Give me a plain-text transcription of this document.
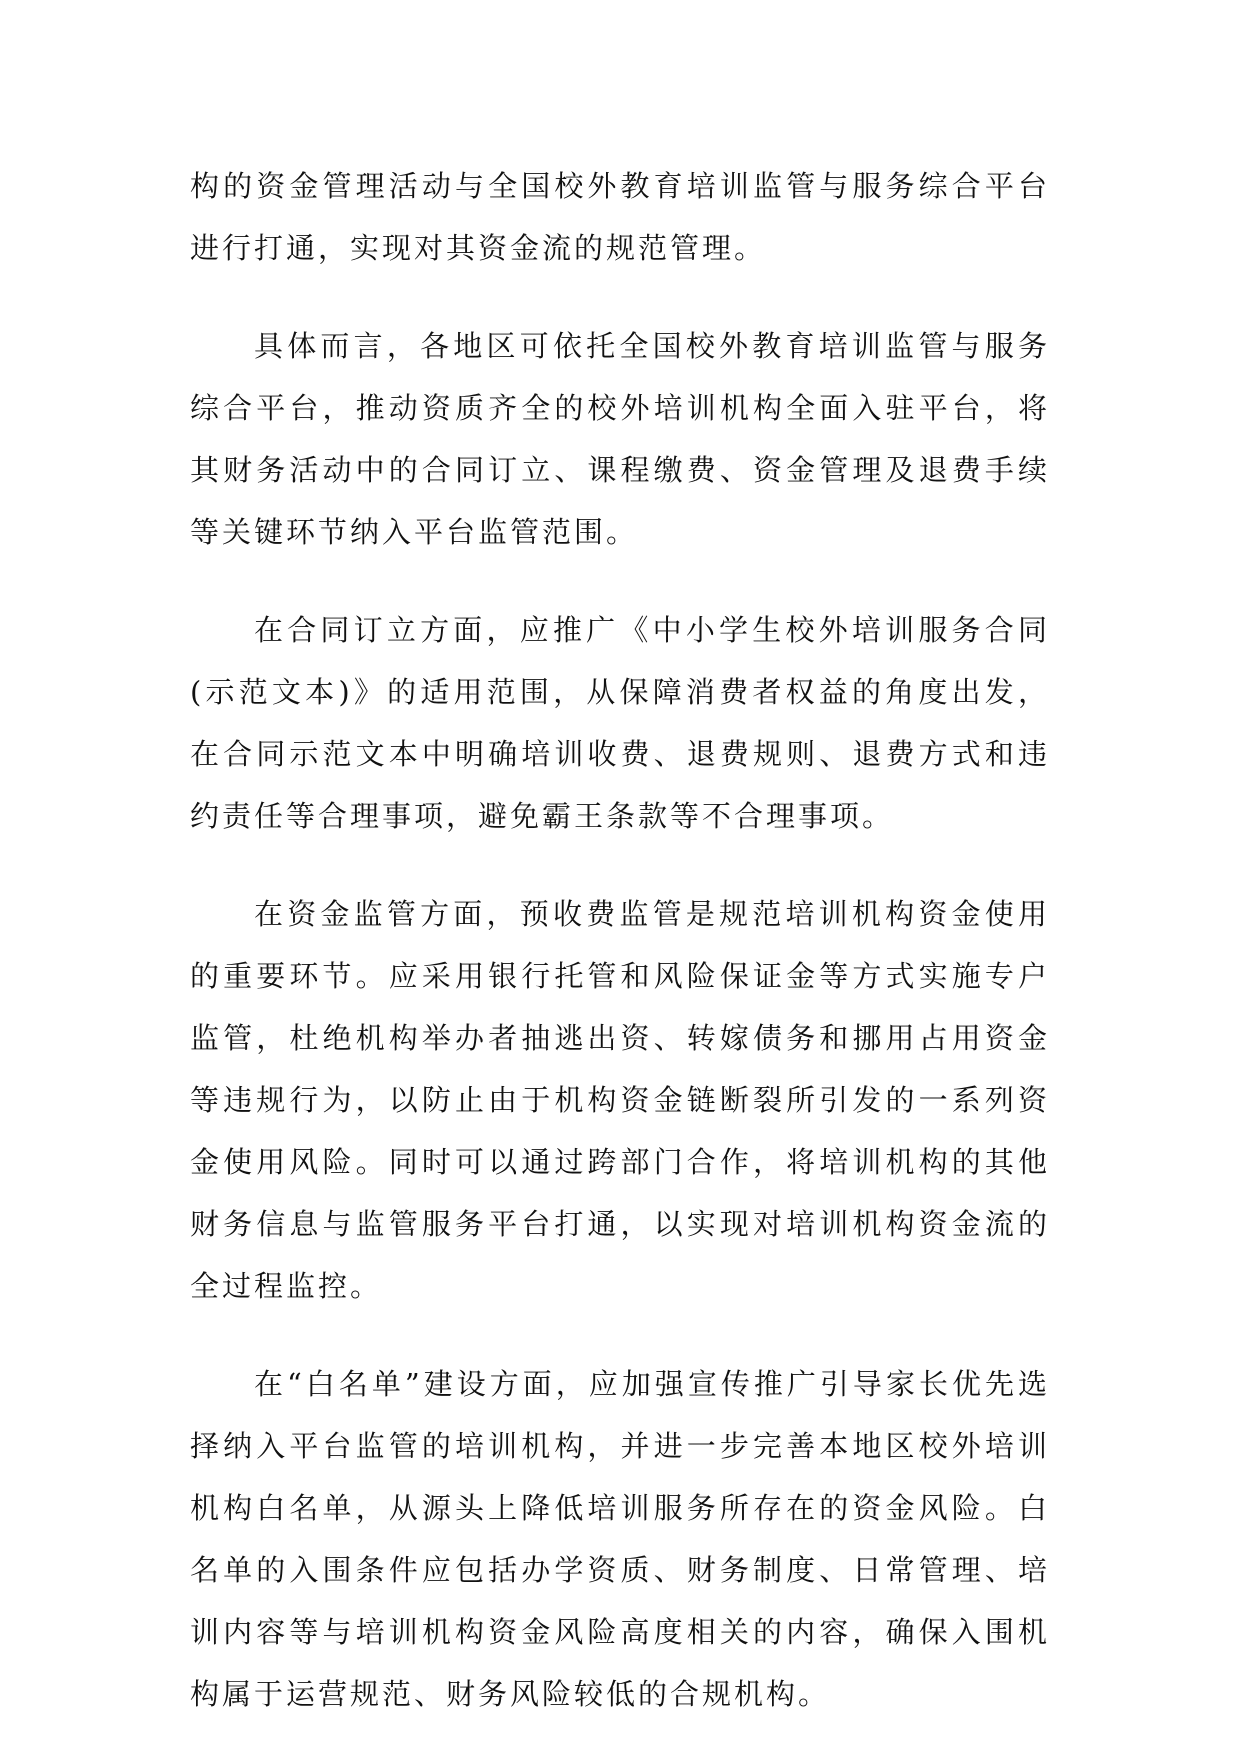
构的资金管理活动与全国校外教育培训监管与服务综合平台进行打通，实现对其资金流的规范管理。

具体而言，各地区可依托全国校外教育培训监管与服务综合平台，推动资质齐全的校外培训机构全面入驻平台，将其财务活动中的合同订立、课程缴费、资金管理及退费手续等关键环节纳入平台监管范围。

在合同订立方面，应推广《中小学生校外培训服务合同(示范文本)》的适用范围，从保障消费者权益的角度出发，在合同示范文本中明确培训收费、退费规则、退费方式和违约责任等合理事项，避免霸王条款等不合理事项。

在资金监管方面，预收费监管是规范培训机构资金使用的重要环节。应采用银行托管和风险保证金等方式实施专户监管，杜绝机构举办者抽逃出资、转嫁债务和挪用占用资金等违规行为，以防止由于机构资金链断裂所引发的一系列资金使用风险。同时可以通过跨部门合作，将培训机构的其他财务信息与监管服务平台打通，以实现对培训机构资金流的全过程监控。

在“白名单”建设方面，应加强宣传推广引导家长优先选择纳入平台监管的培训机构，并进一步完善本地区校外培训机构白名单，从源头上降低培训服务所存在的资金风险。白名单的入围条件应包括办学资质、财务制度、日常管理、培训内容等与培训机构资金风险高度相关的内容，确保入围机构属于运营规范、财务风险较低的合规机构。
